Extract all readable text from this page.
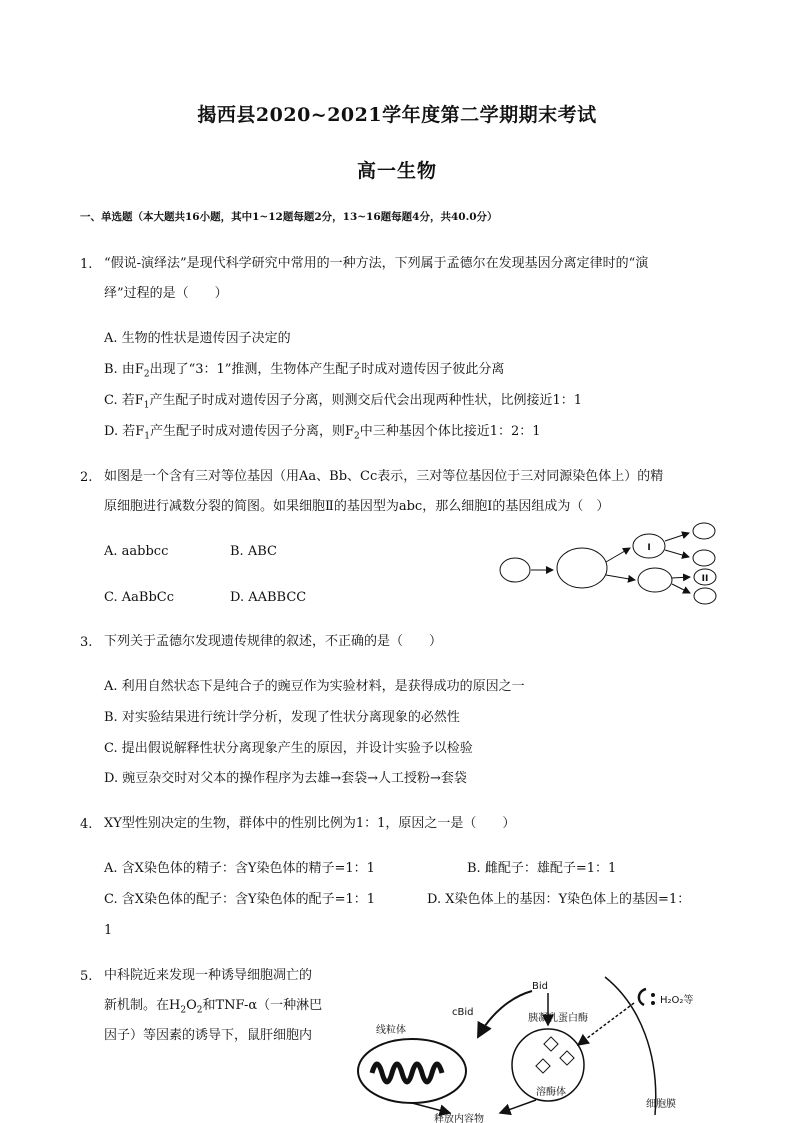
揭西县2020~2021学年度第二学期期末考试
高一生物
一、单选题（本大题共16小题，其中1~12题每题2分，13~16题每题4分，共40.0分）
1. “假说-演绎法”是现代科学研究中常用的一种方法，下列属于孟德尔在发现基因分离定律时的“演
绎”过程的是（　　）
A. 生物的性状是遗传因子决定的
B. 由$F_2$出现了“3：1”推测，生物体产生配子时成对遗传因子彼此分离
C. 若$F_1$产生配子时成对遗传因子分离，则测交后代会出现两种性状，比例接近1：1
D. 若$F_1$产生配子时成对遗传因子分离，则$F_2$中三种基因个体比接近1：2：1
2. 如图是一个含有三对等位基因（用Aa、Bb、Cc表示，三对等位基因位于三对同源染色体上）的精
原细胞进行减数分裂的简图。如果细胞Ⅱ的基因型为abc，那么细胞Ⅰ的基因组成为（　）
A. aabbcc	B. ABC
C. AaBbCc	D. AABBCC
I
II
3. 下列关于孟德尔发现遗传规律的叙述，不正确的是（　　）
A. 利用自然状态下是纯合子的豌豆作为实验材料，是获得成功的原因之一
B. 对实验结果进行统计学分析，发现了性状分离现象的必然性
C. 提出假说解释性状分离现象产生的原因，并设计实验予以检验
D. 豌豆杂交时对父本的操作程序为去雄→套袋→人工授粉→套袋
4. XY型性别决定的生物，群体中的性别比例为1：1，原因之一是（　　）
A. 含X染色体的精子：含Y染色体的精子=1：1	B. 雌配子：雄配子=1：1
C. 含X染色体的配子：含Y染色体的配子=1：1	D. X染色体上的基因：Y染色体上的基因=1：
1
5. 中科院近来发现一种诱导细胞凋亡的
新机制。在$H_2O_2$和TNF-α（一种淋巴
因子）等因素的诱导下，鼠肝细胞内
Bid
cBid
胰凝乳蛋白酶
H₂O₂等
线粒体
溶酶体
细胞膜
释放内容物
